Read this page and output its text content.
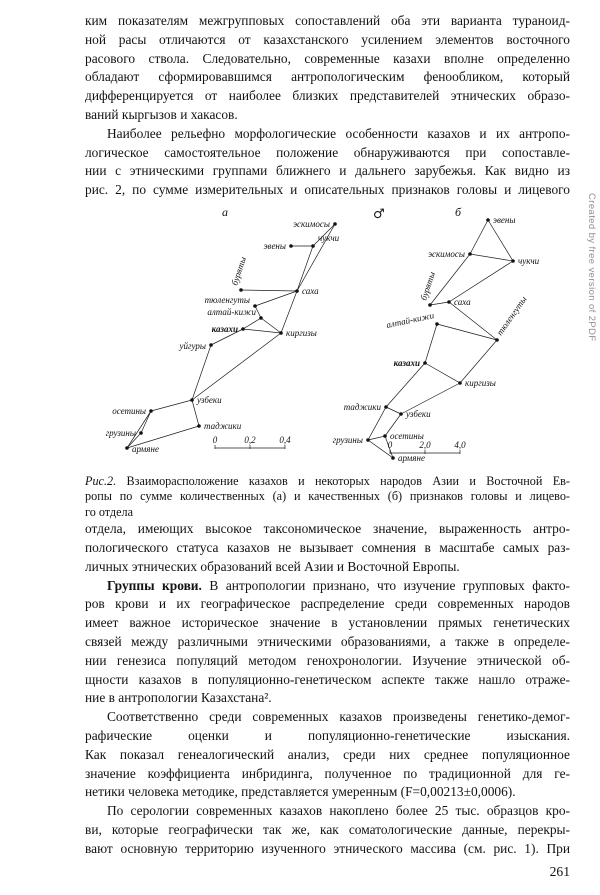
ким показателям межгрупповых сопоставлений оба эти варианта тураноид-
ной расы отличаются от казахстанского усилением элементов восточного
расового ствола. Следовательно, современные казахи вполне определенно
обладают сформировавшимся антропологическим фенообликом, который
дифференцируется от наиболее близких представителей этнических образо-
ваний кыргызов и хакасов.
Наиболее рельефно морфологические особенности казахов и их антропо-
логическое самостоятельное положение обнаруживаются при сопоставле-
нии с этническими группами ближнего и дальнего зарубежья. Как видно из
рис. 2, по сумме измерительных и описательных признаков головы и лицевого
♂
а
эскимосы
эвены
чукчи
буряты
саха
тюленгуты
алтай-кижи
казахи	киргизы
уйгуры
узбеки
осетины
таджики
грузины
армяне
0	0,2	0,4
б
эвены
эскимосы
чукчи
буряты
саха
алтай-кижи	тюленгуты
казахи
киргизы
таджики
узбеки
осетины
грузины
армяне
0	2,0	4,0
Рис.2. Взаиморасположение казахов и некоторых народов Азии и Восточной Ев-
ропы по сумме количественных (а) и качественных (б) признаков головы и лицево-
го отдела
отдела, имеющих высокое таксономическое значение, выраженность антро-
пологического статуса казахов не вызывает сомнения в масштабе самых раз-
личных этнических образований всей Азии и Восточной Европы.
Группы крови. В антропологии признано, что изучение групповых факто-
ров крови и их географическое распределение среди современных народов
имеет важное историческое значение в установлении прямых генетических
связей между различными этническими образованиями, а также в определе-
нии генезиса популяций методом генохронологии. Изучение этнической об-
щности казахов в популяционно-генетическом аспекте также нашло отраже-
ние в антропологии Казахстана².
Соответственно среди современных казахов произведены генетико-демог-
рафические оценки и популяционно-генетические изыскания.
Как показал генеалогический анализ, среди них среднее популяционное
значение коэффициента инбридинга, полученное по традиционной для ге-
нетики человека методике, представляется умеренным (F=0,00213±0,0006).
По серологии современных казахов накоплено более 25 тыс. образцов кро-
ви, которые географически так же, как соматологические данные, перекры-
вают основную территорию изученного этнического массива (см. рис. 1). При
261
Created by free version of 2PDF
